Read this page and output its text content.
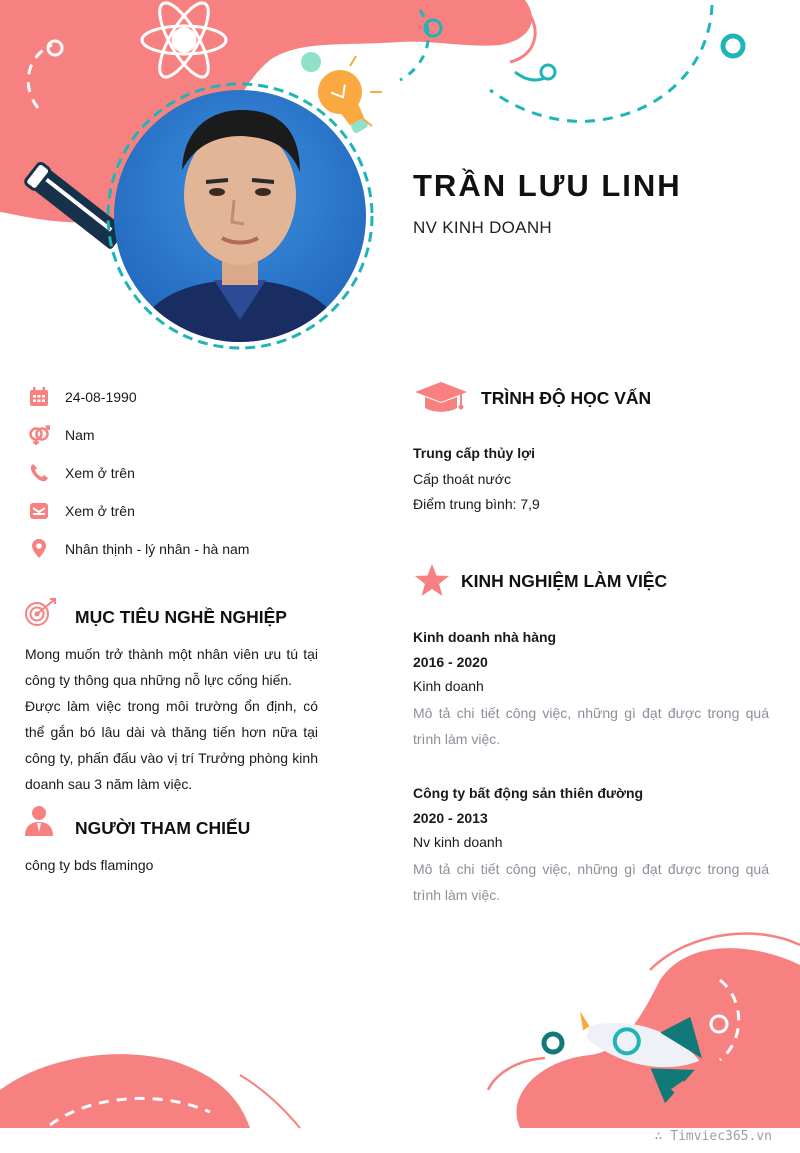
TRẦN LƯU LINH
NV KINH DOANH
24-08-1990
Nam
Xem ở trên
Xem ở trên
Nhân thịnh - lý nhân - hà nam
MỤC TIÊU NGHỀ NGHIỆP

Mong muốn trở thành một nhân viên ưu tú tại công ty thông qua những nỗ lực cống hiến.

Được làm việc trong môi trường ổn định, có thể gắn bó lâu dài và thăng tiến hơn nữa tại công ty, phấn đấu vào vị trí Trưởng phòng kinh doanh sau 3 năm làm việc.

NGƯỜI THAM CHIẾU
công ty bds flamingo
TRÌNH ĐỘ HỌC VẤN
Trung cấp thủy lợi
Cấp thoát nước
Điểm trung bình: 7,9
KINH NGHIỆM LÀM VIỆC
Kinh doanh nhà hàng
2016 - 2020
Kinh doanh
Mô tả chi tiết công việc, những gì đạt được trong quá trình làm việc.
Công ty bất động sản thiên đường
2020 - 2013
Nv kinh doanh
Mô tả chi tiết công việc, những gì đạt được trong quá trình làm việc.
∴ Timviec365.vn
